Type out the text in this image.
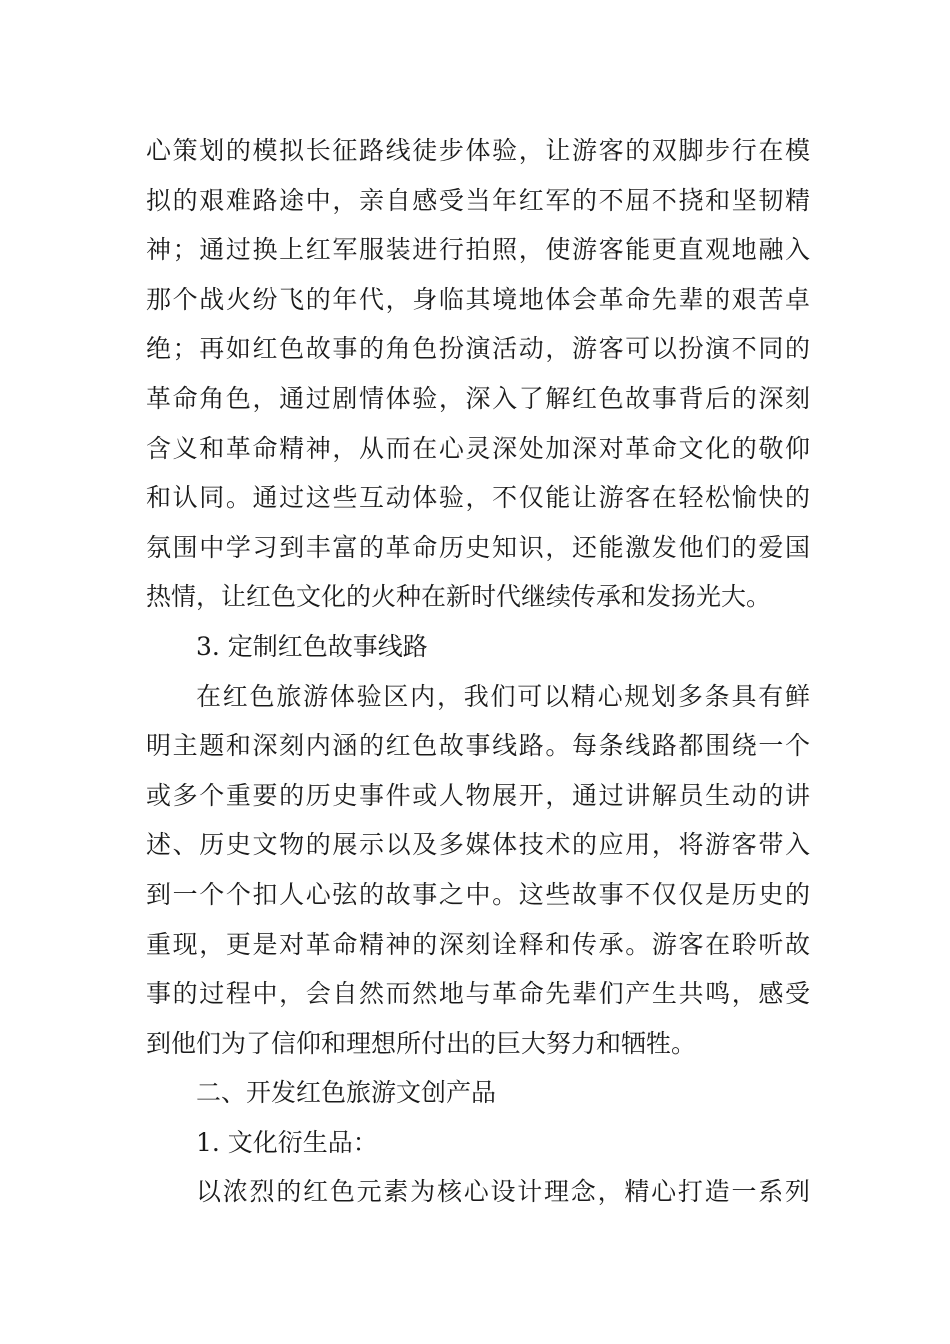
心策划的模拟长征路线徒步体验，让游客的双脚步行在模
拟的艰难路途中，亲自感受当年红军的不屈不挠和坚韧精
神；通过换上红军服装进行拍照，使游客能更直观地融入
那个战火纷飞的年代，身临其境地体会革命先辈的艰苦卓
绝；再如红色故事的角色扮演活动，游客可以扮演不同的
革命角色，通过剧情体验，深入了解红色故事背后的深刻
含义和革命精神，从而在心灵深处加深对革命文化的敬仰
和认同。通过这些互动体验，不仅能让游客在轻松愉快的
氛围中学习到丰富的革命历史知识，还能激发他们的爱国
热情，让红色文化的火种在新时代继续传承和发扬光大。
3. 定制红色故事线路
在红色旅游体验区内，我们可以精心规划多条具有鲜
明主题和深刻内涵的红色故事线路。每条线路都围绕一个
或多个重要的历史事件或人物展开，通过讲解员生动的讲
述、历史文物的展示以及多媒体技术的应用，将游客带入
到一个个扣人心弦的故事之中。这些故事不仅仅是历史的
重现，更是对革命精神的深刻诠释和传承。游客在聆听故
事的过程中，会自然而然地与革命先辈们产生共鸣，感受
到他们为了信仰和理想所付出的巨大努力和牺牲。
二、开发红色旅游文创产品
1. 文化衍生品：
以浓烈的红色元素为核心设计理念，精心打造一系列
